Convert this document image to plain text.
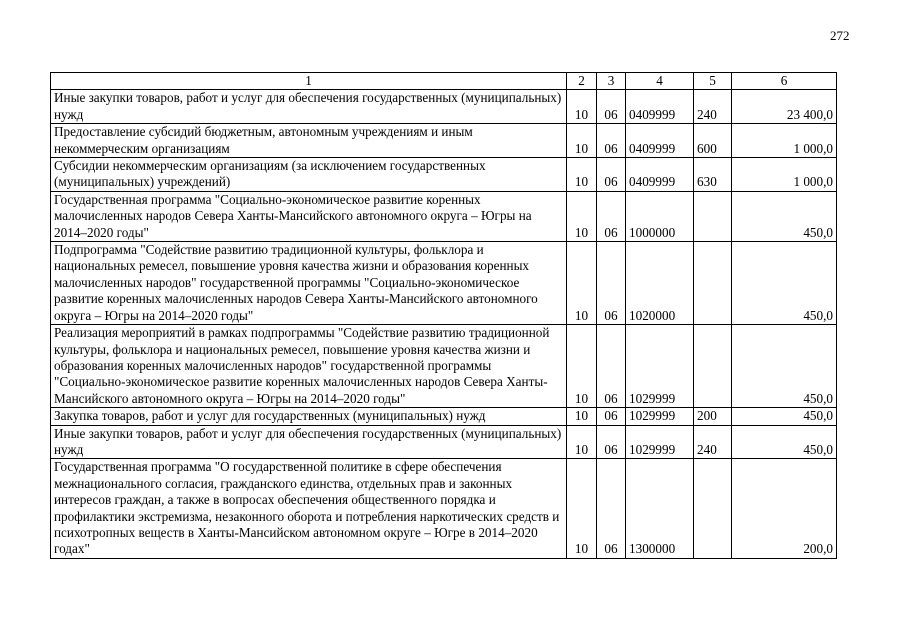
272
1	2	3	4	5	6
Иные закупки товаров, работ и услуг для обеспечения государственных (муниципальных) нужд	10	06	0409999	240	23 400,0
Предоставление субсидий бюджетным, автономным учреждениям и иным некоммерческим организациям	10	06	0409999	600	1 000,0
Субсидии некоммерческим организациям (за исключением государственных (муниципальных) учреждений)	10	06	0409999	630	1 000,0
Государственная программа "Социально-экономическое развитие коренных малочисленных народов Севера Ханты-Мансийского автономного округа – Югры на 2014–2020 годы"	10	06	1000000		450,0
Подпрограмма "Содействие развитию традиционной культуры, фольклора и национальных ремесел, повышение уровня качества жизни и образования коренных малочисленных народов" государственной программы "Социально-экономическое развитие коренных малочисленных народов Севера Ханты-Мансийского автономного округа – Югры на 2014–2020 годы"	10	06	1020000		450,0
Реализация мероприятий в рамках подпрограммы "Содействие развитию традиционной культуры, фольклора и национальных ремесел, повышение уровня качества жизни и образования коренных малочисленных народов" государственной программы "Социально-экономическое развитие коренных малочисленных народов Севера Ханты-Мансийского автономного округа – Югры на 2014–2020 годы"	10	06	1029999		450,0
Закупка товаров, работ и услуг для государственных (муниципальных) нужд	10	06	1029999	200	450,0
Иные закупки товаров, работ и услуг для обеспечения государственных (муниципальных) нужд	10	06	1029999	240	450,0
Государственная программа "О государственной политике в сфере обеспечения межнационального согласия, гражданского единства, отдельных прав и законных интересов граждан, а также в вопросах обеспечения общественного порядка и профилактики экстремизма, незаконного оборота и потребления наркотических средств и психотропных веществ в Ханты-Мансийском автономном округе – Югре в 2014–2020 годах"	10	06	1300000		200,0
